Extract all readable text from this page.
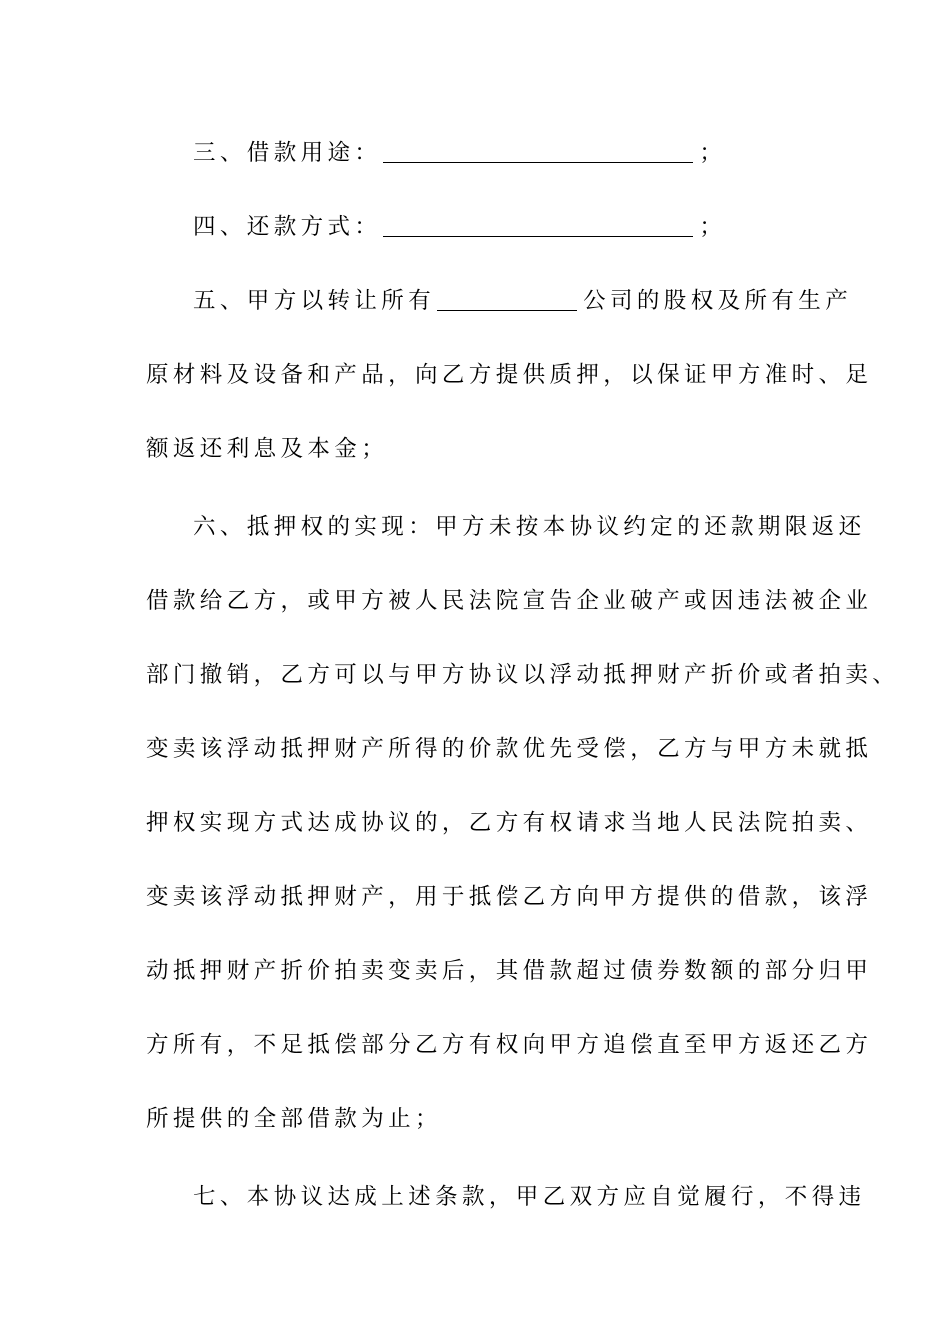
三、借款用途：	；
四、还款方式：	；
五、甲方以转让所有	公司的股权及所有生产
原材料及设备和产品，向乙方提供质押，以保证甲方准时、足
额返还利息及本金；
六、抵押权的实现：甲方未按本协议约定的还款期限返还
借款给乙方，或甲方被人民法院宣告企业破产或因违法被企业
部门撤销，乙方可以与甲方协议以浮动抵押财产折价或者拍卖、
变卖该浮动抵押财产所得的价款优先受偿，乙方与甲方未就抵
押权实现方式达成协议的，乙方有权请求当地人民法院拍卖、
变卖该浮动抵押财产，用于抵偿乙方向甲方提供的借款，该浮
动抵押财产折价拍卖变卖后，其借款超过债券数额的部分归甲
方所有，不足抵偿部分乙方有权向甲方追偿直至甲方返还乙方
所提供的全部借款为止；
七、本协议达成上述条款，甲乙双方应自觉履行，不得违
